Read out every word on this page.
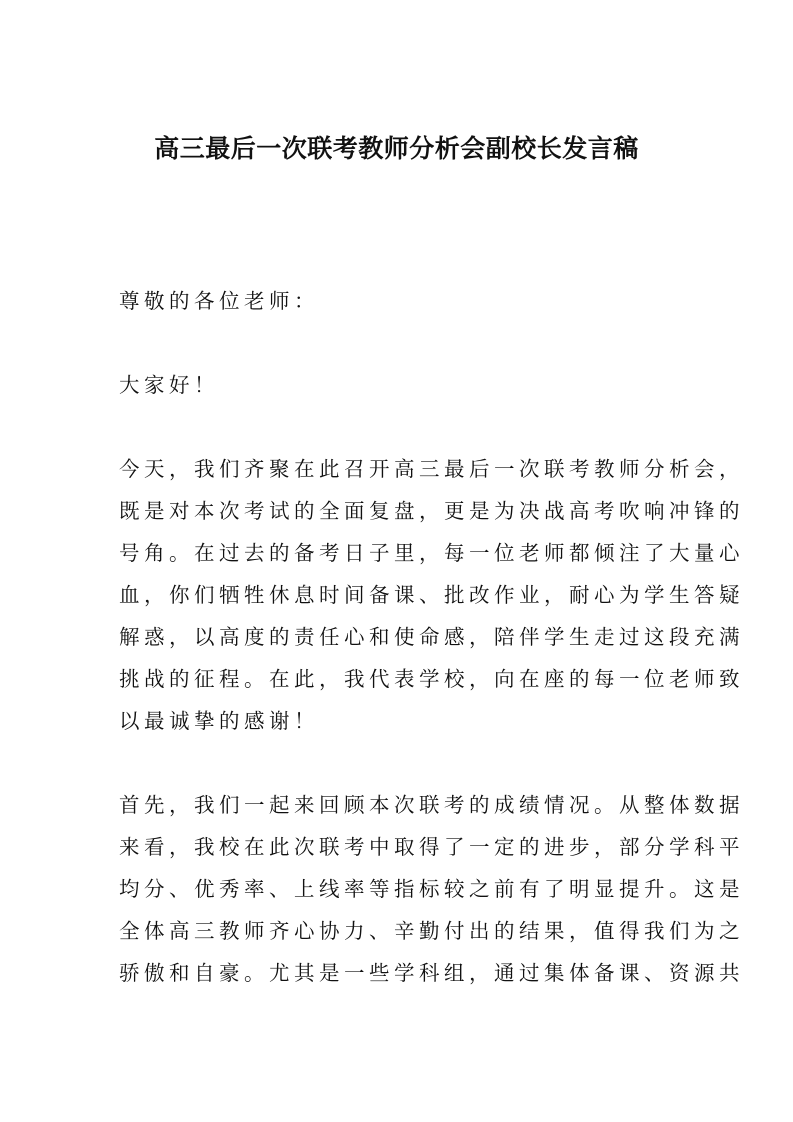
高三最后一次联考教师分析会副校长发言稿
尊敬的各位老师：
大家好！
今天，我们齐聚在此召开高三最后一次联考教师分析会，
既是对本次考试的全面复盘，更是为决战高考吹响冲锋的
号角。在过去的备考日子里，每一位老师都倾注了大量心
血，你们牺牲休息时间备课、批改作业，耐心为学生答疑
解惑，以高度的责任心和使命感，陪伴学生走过这段充满
挑战的征程。在此，我代表学校，向在座的每一位老师致
以最诚挚的感谢！
首先，我们一起来回顾本次联考的成绩情况。从整体数据
来看，我校在此次联考中取得了一定的进步，部分学科平
均分、优秀率、上线率等指标较之前有了明显提升。这是
全体高三教师齐心协力、辛勤付出的结果，值得我们为之
骄傲和自豪。尤其是一些学科组，通过集体备课、资源共
